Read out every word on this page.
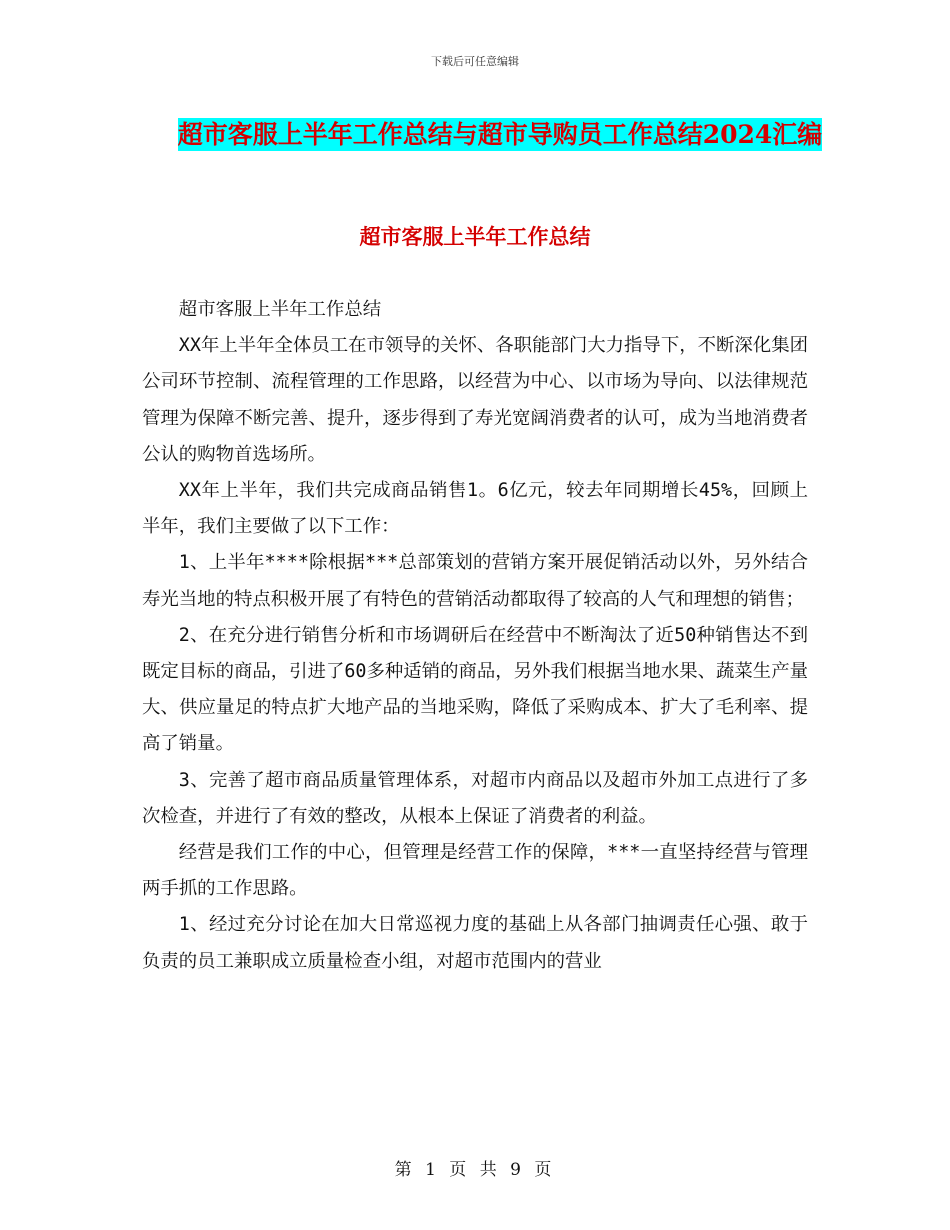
下载后可任意编辑
超市客服上半年工作总结与超市导购员工作总结2024汇编
超市客服上半年工作总结

超市客服上半年工作总结

XX年上半年全体员工在市领导的关怀、各职能部门大力指导下，不断深化集团公司环节控制、流程管理的工作思路，以经营为中心、以市场为导向、以法律规范管理为保障不断完善、提升，逐步得到了寿光宽阔消费者的认可，成为当地消费者公认的购物首选场所。

XX年上半年，我们共完成商品销售1。6亿元，较去年同期增长45%，回顾上半年，我们主要做了以下工作：

1、上半年****除根据***总部策划的营销方案开展促销活动以外，另外结合寿光当地的特点积极开展了有特色的营销活动都取得了较高的人气和理想的销售；

2、在充分进行销售分析和市场调研后在经营中不断淘汰了近50种销售达不到既定目标的商品，引进了60多种适销的商品，另外我们根据当地水果、蔬菜生产量大、供应量足的特点扩大地产品的当地采购，降低了采购成本、扩大了毛利率、提高了销量。

3、完善了超市商品质量管理体系，对超市内商品以及超市外加工点进行了多次检查，并进行了有效的整改，从根本上保证了消费者的利益。

经营是我们工作的中心，但管理是经营工作的保障，***一直坚持经营与管理两手抓的工作思路。

1、经过充分讨论在加大日常巡视力度的基础上从各部门抽调责任心强、敢于负责的员工兼职成立质量检查小组，对超市范围内的营业

第 1 页 共 9 页
